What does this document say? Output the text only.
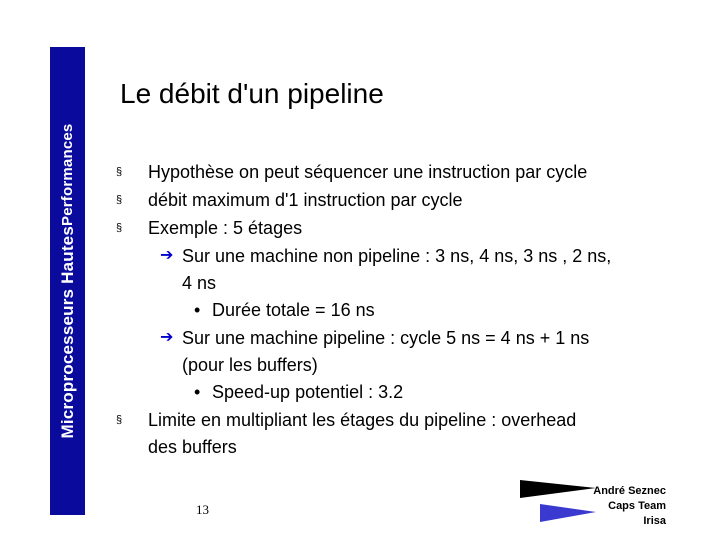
Microprocesseurs Hautes
Performances
Le débit d'un pipeline
§ Hypothèse on peut séquencer une instruction par cycle
§ débit maximum d'1 instruction par cycle
§ Exemple : 5 étages
➔ Sur une machine non pipeline : 3 ns, 4 ns, 3 ns , 2 ns,
4 ns
• Durée totale = 16 ns
➔ Sur une machine pipeline : cycle 5 ns = 4 ns + 1 ns
(pour les buffers)
• Speed-up potentiel : 3.2
§ Limite en multipliant les étages du pipeline : overhead
des buffers
13
André Seznec
Caps Team
Irisa
